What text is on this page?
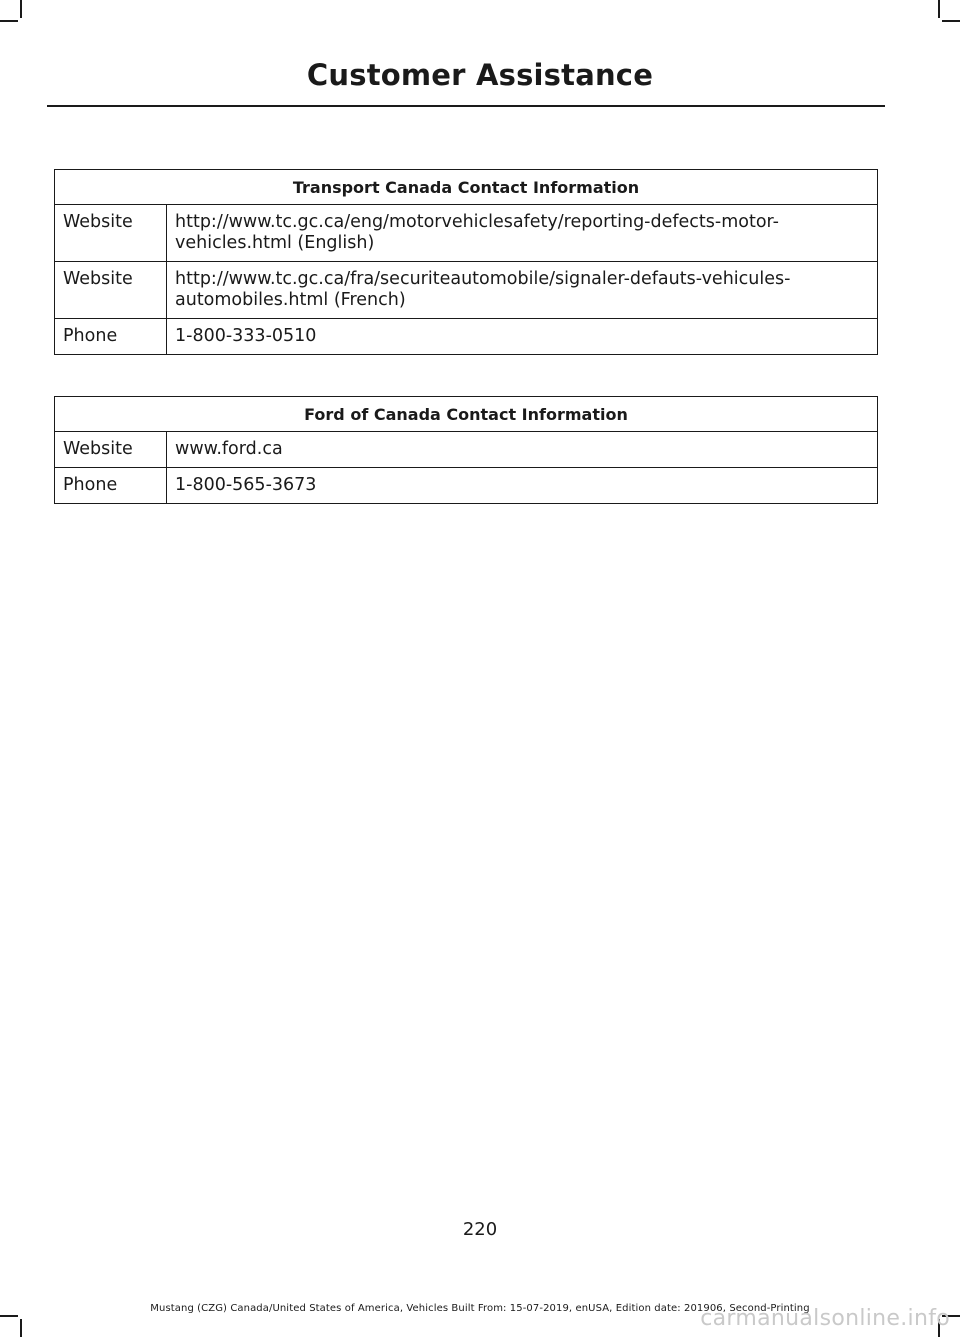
Customer Assistance
Transport Canada Contact Information	
Website	http://www.tc.gc.ca/eng/motorvehiclesafety/reporting-defects-motor-vehicles.html (English)
Website	http://www.tc.gc.ca/fra/securiteautomobile/signaler-defauts-vehicules-automobiles.html (French)
Phone	1-800-333-0510
Ford of Canada Contact Information	
Website	www.ford.ca
Phone	1-800-565-3673
220
Mustang (CZG) Canada/United States of America, Vehicles Built From: 15-07-2019, enUSA, Edition date: 201906, Second-Printing
carmanualsonline.info
